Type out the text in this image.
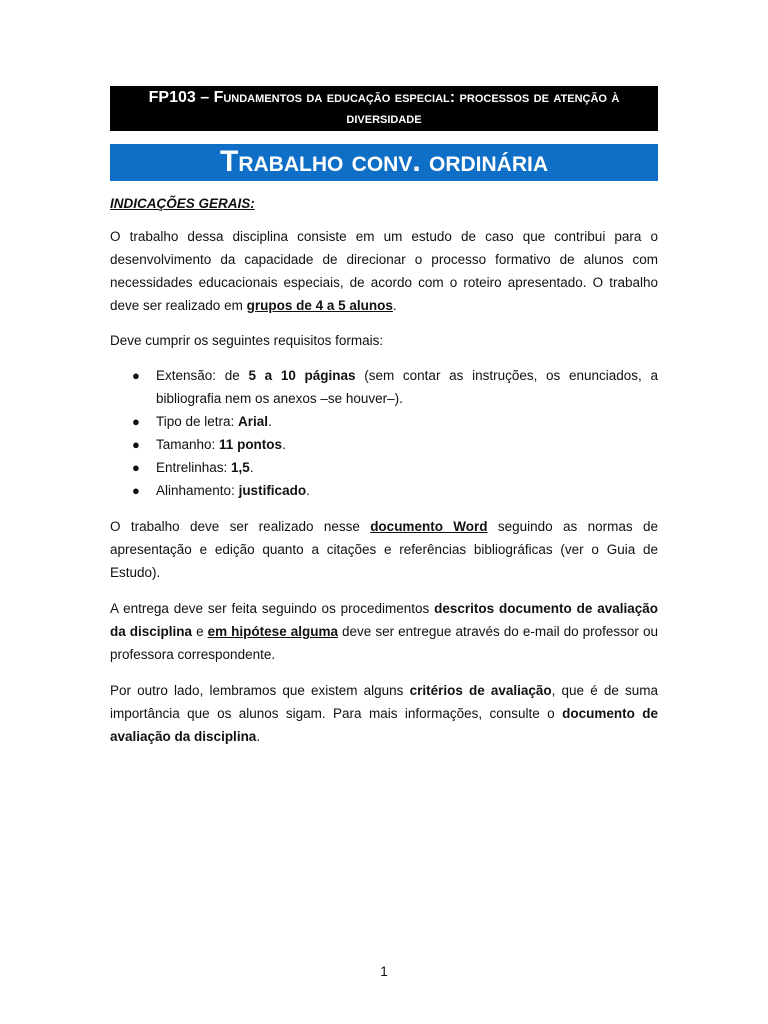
FP103 – Fundamentos da educação especial: processos de atenção à diversidade
Trabalho conv. ordinária
INDICAÇÕES GERAIS:

O trabalho dessa disciplina consiste em um estudo de caso que contribui para o desenvolvimento da capacidade de direcionar o processo formativo de alunos com necessidades educacionais especiais, de acordo com o roteiro apresentado. O trabalho deve ser realizado em grupos de 4 a 5 alunos.

Deve cumprir os seguintes requisitos formais:

● Extensão: de 5 a 10 páginas (sem contar as instruções, os enunciados, a bibliografia nem os anexos –se houver–).
● Tipo de letra: Arial.
● Tamanho: 11 pontos.
● Entrelinhas: 1,5.
● Alinhamento: justificado.

O trabalho deve ser realizado nesse documento Word seguindo as normas de apresentação e edição quanto a citações e referências bibliográficas (ver o Guia de Estudo).

A entrega deve ser feita seguindo os procedimentos descritos documento de avaliação da disciplina e em hipótese alguma deve ser entregue através do e-mail do professor ou professora correspondente.

Por outro lado, lembramos que existem alguns critérios de avaliação, que é de suma importância que os alunos sigam. Para mais informações, consulte o documento de avaliação da disciplina.

1
